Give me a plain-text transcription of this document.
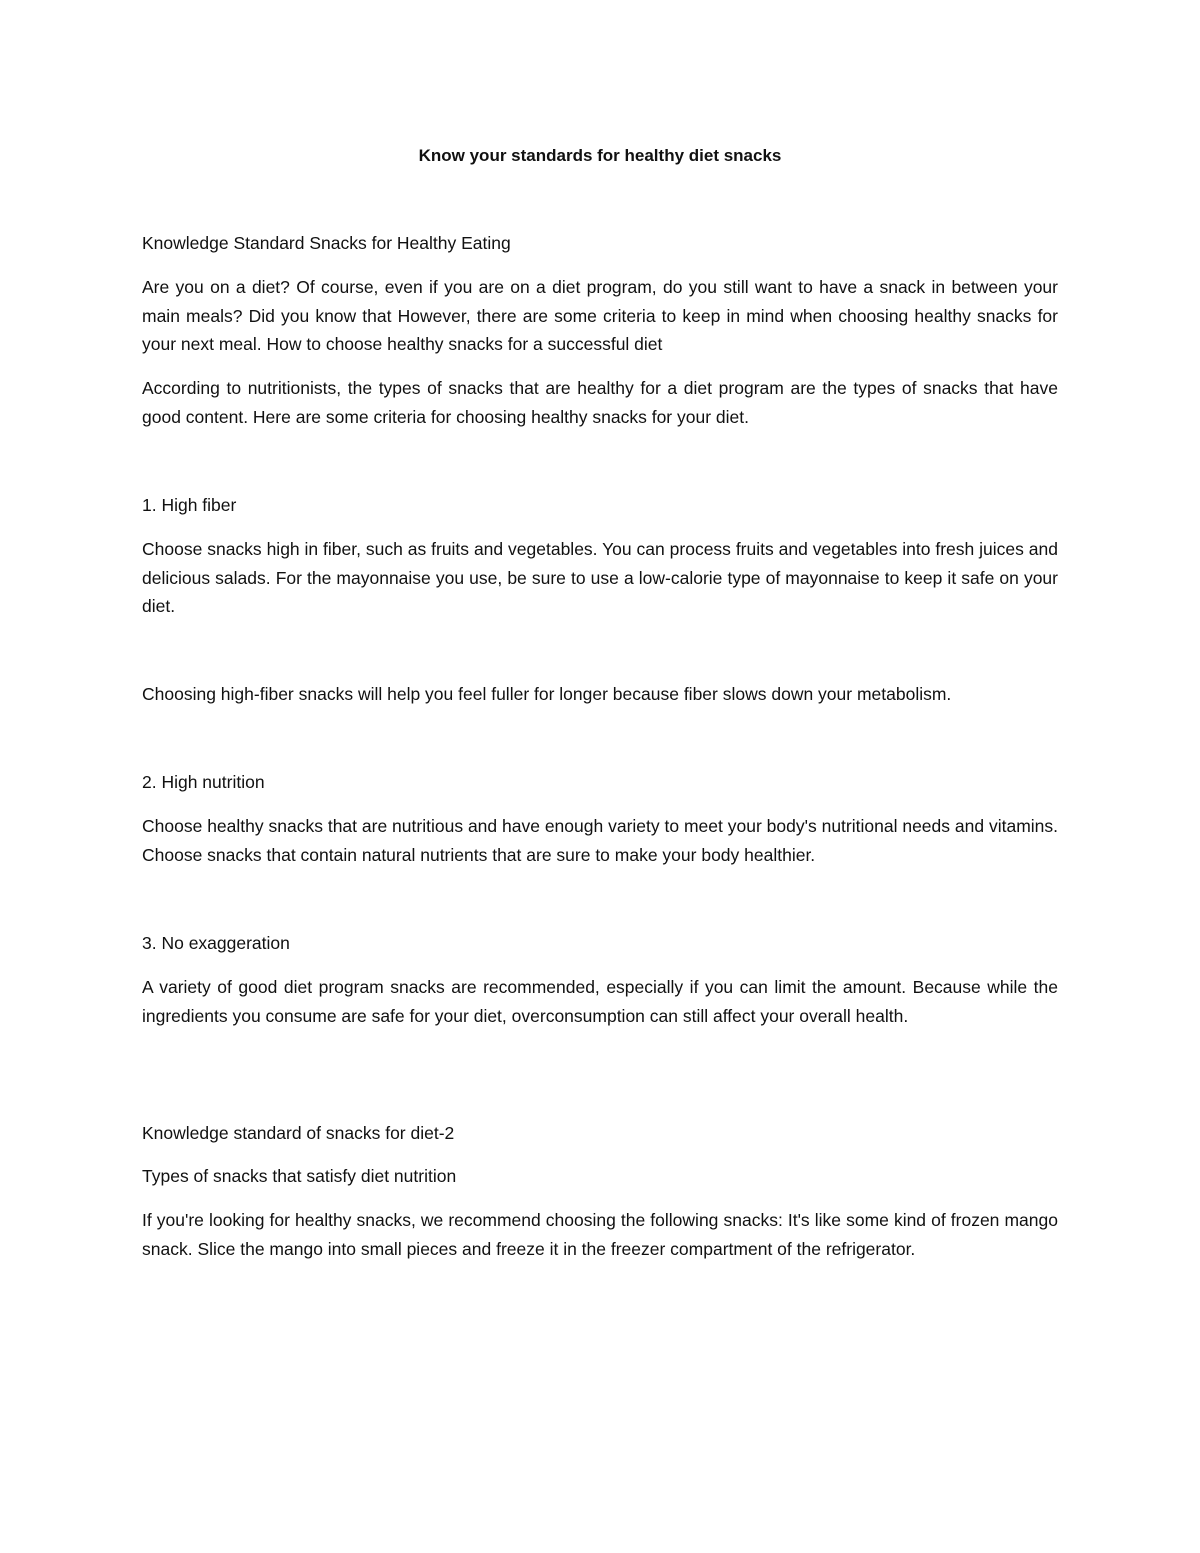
Know your standards for healthy diet snacks

Knowledge Standard Snacks for Healthy Eating

Are you on a diet? Of course, even if you are on a diet program, do you still want to have a snack in between your main meals? Did you know that However, there are some criteria to keep in mind when choosing healthy snacks for your next meal. How to choose healthy snacks for a successful diet

According to nutritionists, the types of snacks that are healthy for a diet program are the types of snacks that have good content. Here are some criteria for choosing healthy snacks for your diet.

1. High fiber

Choose snacks high in fiber, such as fruits and vegetables. You can process fruits and vegetables into fresh juices and delicious salads. For the mayonnaise you use, be sure to use a low-calorie type of mayonnaise to keep it safe on your diet.

Choosing high-fiber snacks will help you feel fuller for longer because fiber slows down your metabolism.

2. High nutrition

Choose healthy snacks that are nutritious and have enough variety to meet your body's nutritional needs and vitamins. Choose snacks that contain natural nutrients that are sure to make your body healthier.

3. No exaggeration

A variety of good diet program snacks are recommended, especially if you can limit the amount. Because while the ingredients you consume are safe for your diet, overconsumption can still affect your overall health.

Knowledge standard of snacks for diet-2

Types of snacks that satisfy diet nutrition

If you're looking for healthy snacks, we recommend choosing the following snacks: It's like some kind of frozen mango snack. Slice the mango into small pieces and freeze it in the freezer compartment of the refrigerator.
